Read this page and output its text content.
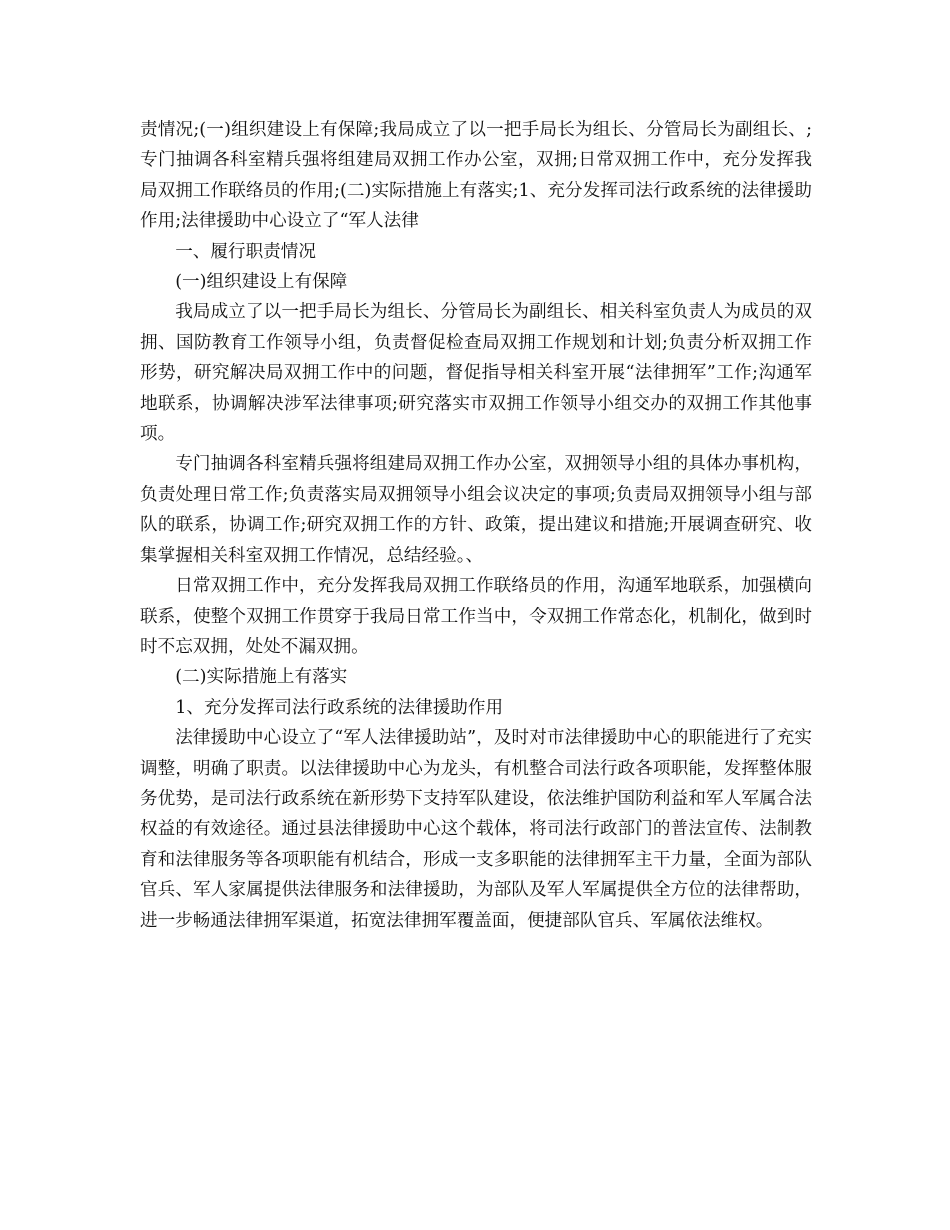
责情况;(一)组织建设上有保障;我局成立了以一把手局长为组长、分管局长为副组长、;专门抽调各科室精兵强将组建局双拥工作办公室，双拥;日常双拥工作中，充分发挥我局双拥工作联络员的作用;(二)实际措施上有落实;1、充分发挥司法行政系统的法律援助作用;法律援助中心设立了“军人法律

一、履行职责情况

(一)组织建设上有保障

我局成立了以一把手局长为组长、分管局长为副组长、相关科室负责人为成员的双拥、国防教育工作领导小组，负责督促检查局双拥工作规划和计划;负责分析双拥工作形势，研究解决局双拥工作中的问题，督促指导相关科室开展“法律拥军”工作;沟通军地联系，协调解决涉军法律事项;研究落实市双拥工作领导小组交办的双拥工作其他事项。

专门抽调各科室精兵强将组建局双拥工作办公室，双拥领导小组的具体办事机构，负责处理日常工作;负责落实局双拥领导小组会议决定的事项;负责局双拥领导小组与部队的联系，协调工作;研究双拥工作的方针、政策，提出建议和措施;开展调查研究、收集掌握相关科室双拥工作情况，总结经验。、

日常双拥工作中，充分发挥我局双拥工作联络员的作用，沟通军地联系，加强横向联系，使整个双拥工作贯穿于我局日常工作当中，令双拥工作常态化，机制化，做到时时不忘双拥，处处不漏双拥。

(二)实际措施上有落实

1、充分发挥司法行政系统的法律援助作用

法律援助中心设立了“军人法律援助站”，及时对市法律援助中心的职能进行了充实调整，明确了职责。以法律援助中心为龙头，有机整合司法行政各项职能，发挥整体服务优势，是司法行政系统在新形势下支持军队建设，依法维护国防利益和军人军属合法权益的有效途径。通过县法律援助中心这个载体，将司法行政部门的普法宣传、法制教育和法律服务等各项职能有机结合，形成一支多职能的法律拥军主干力量，全面为部队官兵、军人家属提供法律服务和法律援助，为部队及军人军属提供全方位的法律帮助，进一步畅通法律拥军渠道，拓宽法律拥军覆盖面，便捷部队官兵、军属依法维权。
